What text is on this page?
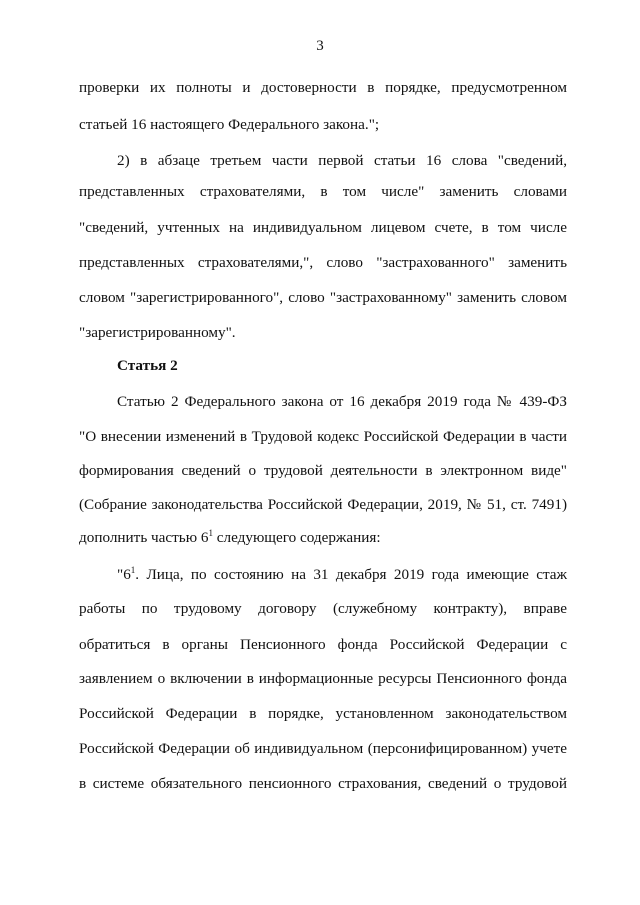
3
проверки их полноты и достоверности в порядке, предусмотренном
статьей 16 настоящего Федерального закона.";
2) в абзаце третьем части первой статьи 16 слова "сведений,
представленных страхователями, в том числе" заменить словами
"сведений, учтенных на индивидуальном лицевом счете, в том числе
представленных страхователями,", слово "застрахованного" заменить
словом "зарегистрированного", слово "застрахованному" заменить словом
"зарегистрированному".
Статья 2
Статью 2 Федерального закона от 16 декабря 2019 года № 439-ФЗ
"О внесении изменений в Трудовой кодекс Российской Федерации в части
формирования сведений о трудовой деятельности в электронном виде"
(Собрание законодательства Российской Федерации, 2019, № 51, ст. 7491)
дополнить частью $6^1$ следующего содержания:
"$6^1$. Лица, по состоянию на 31 декабря 2019 года имеющие стаж
работы по трудовому договору (служебному контракту), вправе
обратиться в органы Пенсионного фонда Российской Федерации с
заявлением о включении в информационные ресурсы Пенсионного фонда
Российской Федерации в порядке, установленном законодательством
Российской Федерации об индивидуальном (персонифицированном) учете
в системе обязательного пенсионного страхования, сведений о трудовой
